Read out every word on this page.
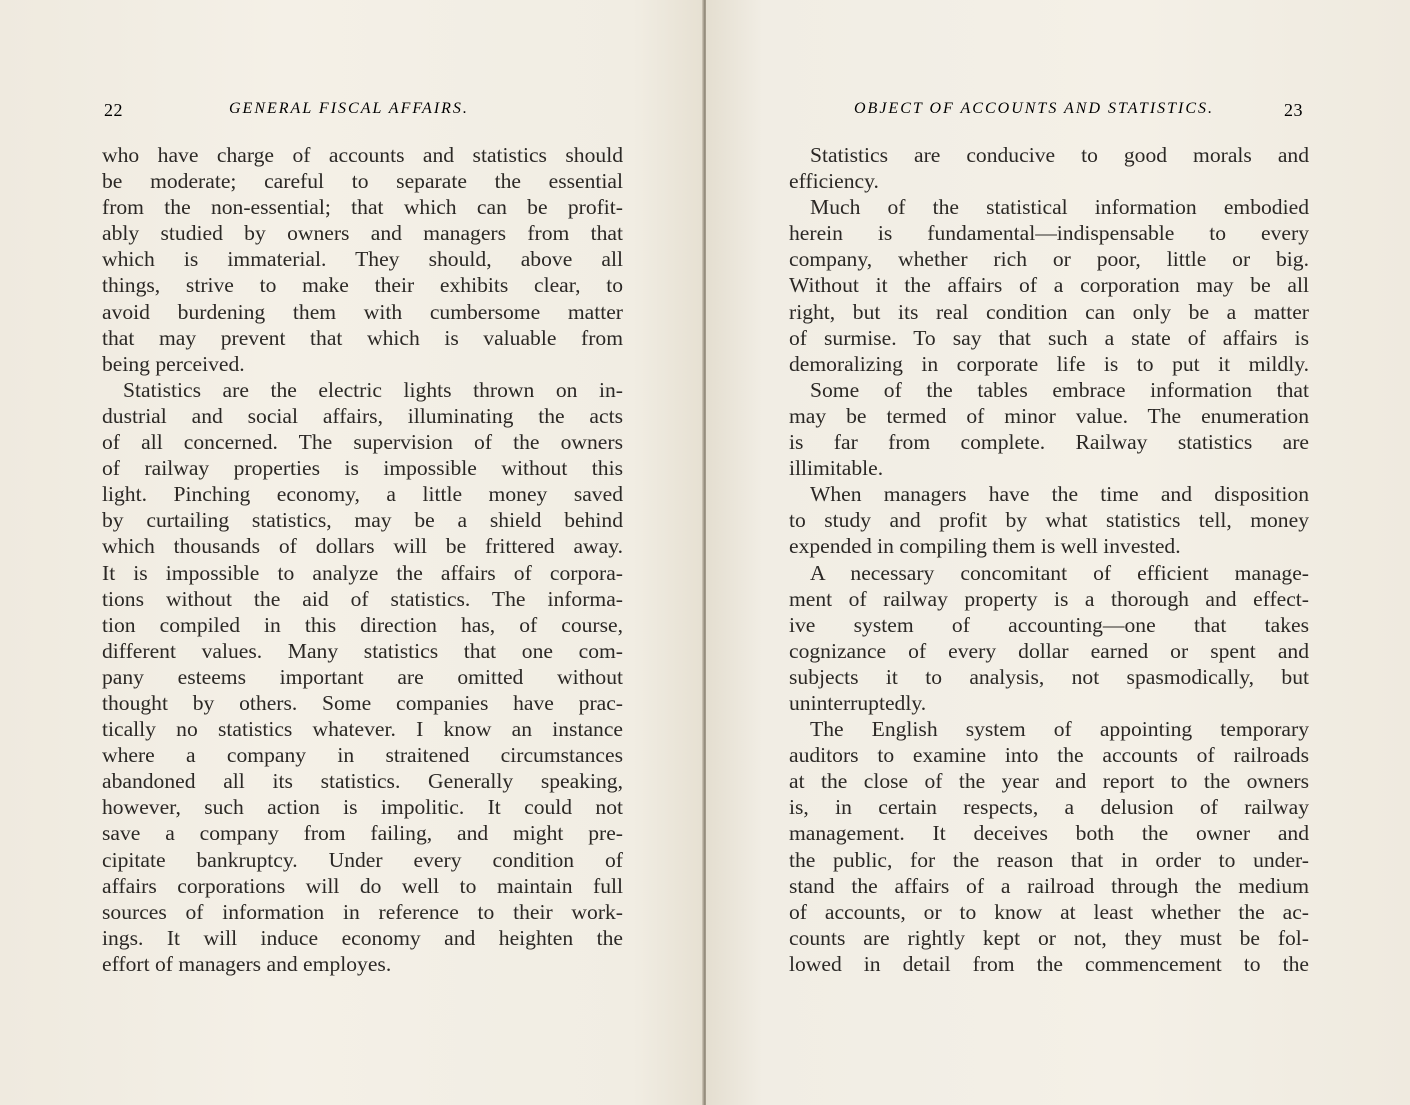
22	GENERAL FISCAL AFFAIRS.
who have charge of accounts and statistics should
be moderate; careful to separate the essential
from the non-essential; that which can be profit-
ably studied by owners and managers from that
which is immaterial. They should, above all
things, strive to make their exhibits clear, to
avoid burdening them with cumbersome matter
that may prevent that which is valuable from
being perceived.
Statistics are the electric lights thrown on in-
dustrial and social affairs, illuminating the acts
of all concerned. The supervision of the owners
of railway properties is impossible without this
light. Pinching economy, a little money saved
by curtailing statistics, may be a shield behind
which thousands of dollars will be frittered away.
It is impossible to analyze the affairs of corpora-
tions without the aid of statistics. The informa-
tion compiled in this direction has, of course,
different values. Many statistics that one com-
pany esteems important are omitted without
thought by others. Some companies have prac-
tically no statistics whatever. I know an instance
where a company in straitened circumstances
abandoned all its statistics. Generally speaking,
however, such action is impolitic. It could not
save a company from failing, and might pre-
cipitate bankruptcy. Under every condition of
affairs corporations will do well to maintain full
sources of information in reference to their work-
ings. It will induce economy and heighten the
effort of managers and employes.
OBJECT OF ACCOUNTS AND STATISTICS.	23
Statistics are conducive to good morals and
efficiency.
Much of the statistical information embodied
herein is fundamental—indispensable to every
company, whether rich or poor, little or big.
Without it the affairs of a corporation may be all
right, but its real condition can only be a matter
of surmise. To say that such a state of affairs is
demoralizing in corporate life is to put it mildly.
Some of the tables embrace information that
may be termed of minor value. The enumeration
is far from complete. Railway statistics are
illimitable.
When managers have the time and disposition
to study and profit by what statistics tell, money
expended in compiling them is well invested.
A necessary concomitant of efficient manage-
ment of railway property is a thorough and effect-
ive system of accounting—one that takes
cognizance of every dollar earned or spent and
subjects it to analysis, not spasmodically, but
uninterruptedly.
The English system of appointing temporary
auditors to examine into the accounts of railroads
at the close of the year and report to the owners
is, in certain respects, a delusion of railway
management. It deceives both the owner and
the public, for the reason that in order to under-
stand the affairs of a railroad through the medium
of accounts, or to know at least whether the ac-
counts are rightly kept or not, they must be fol-
lowed in detail from the commencement to the
